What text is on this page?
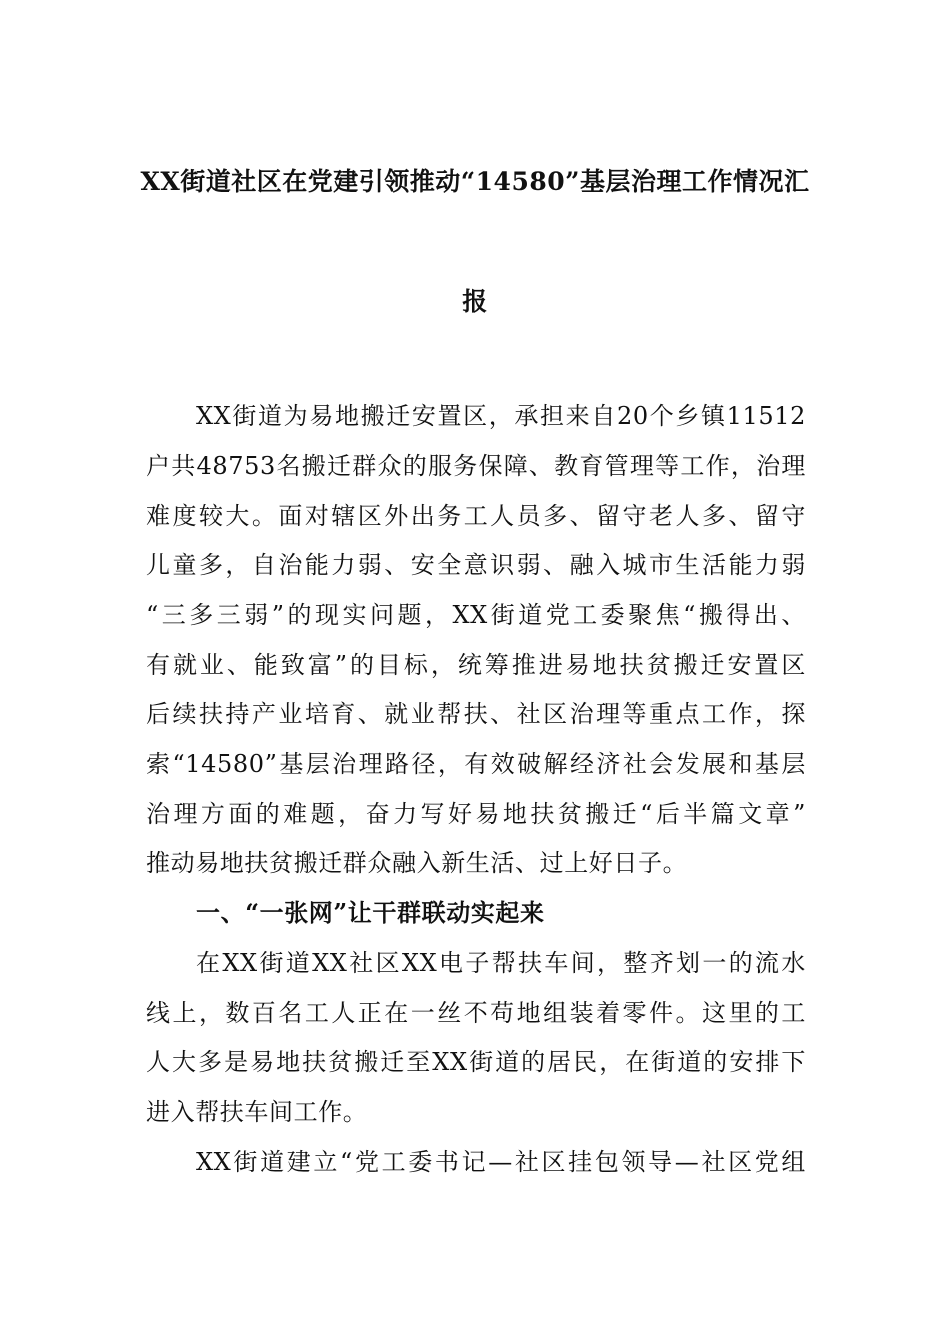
XX街道社区在党建引领推动“14580”基层治理工作情况汇
报
XX街道为易地搬迁安置区，承担来自20个乡镇11512
户共48753名搬迁群众的服务保障、教育管理等工作，治理
难度较大。面对辖区外出务工人员多、留守老人多、留守
儿童多，自治能力弱、安全意识弱、融入城市生活能力弱
“三多三弱”的现实问题，XX街道党工委聚焦“搬得出、
有就业、能致富”的目标，统筹推进易地扶贫搬迁安置区
后续扶持产业培育、就业帮扶、社区治理等重点工作，探
索“14580”基层治理路径，有效破解经济社会发展和基层
治理方面的难题，奋力写好易地扶贫搬迁“后半篇文章”
推动易地扶贫搬迁群众融入新生活、过上好日子。
一、“一张网”让干群联动实起来
在XX街道XX社区XX电子帮扶车间，整齐划一的流水
线上，数百名工人正在一丝不苟地组装着零件。这里的工
人大多是易地扶贫搬迁至XX街道的居民，在街道的安排下
进入帮扶车间工作。
XX街道建立“党工委书记—社区挂包领导—社区党组
